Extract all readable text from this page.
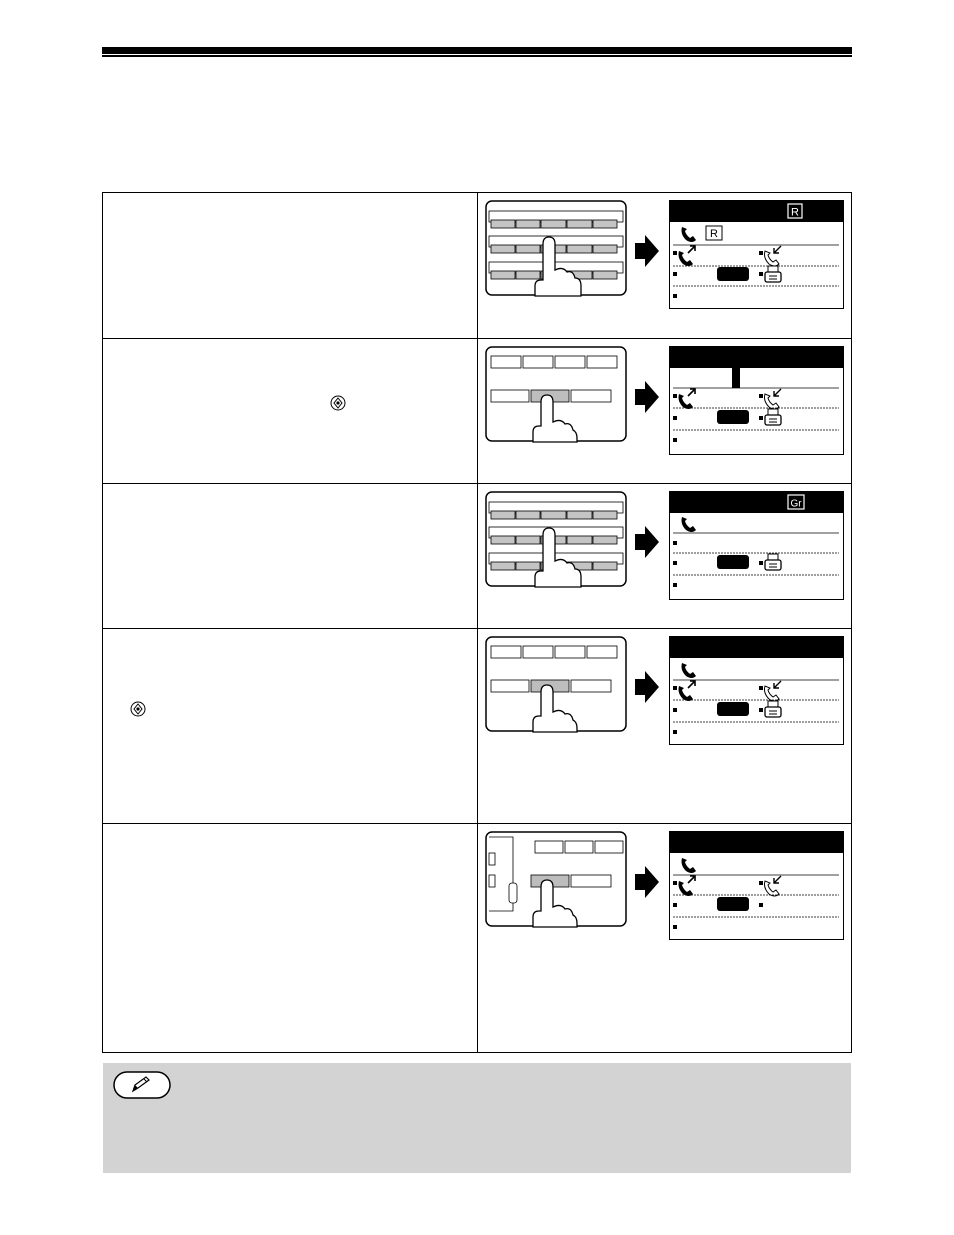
R
R
Gr
